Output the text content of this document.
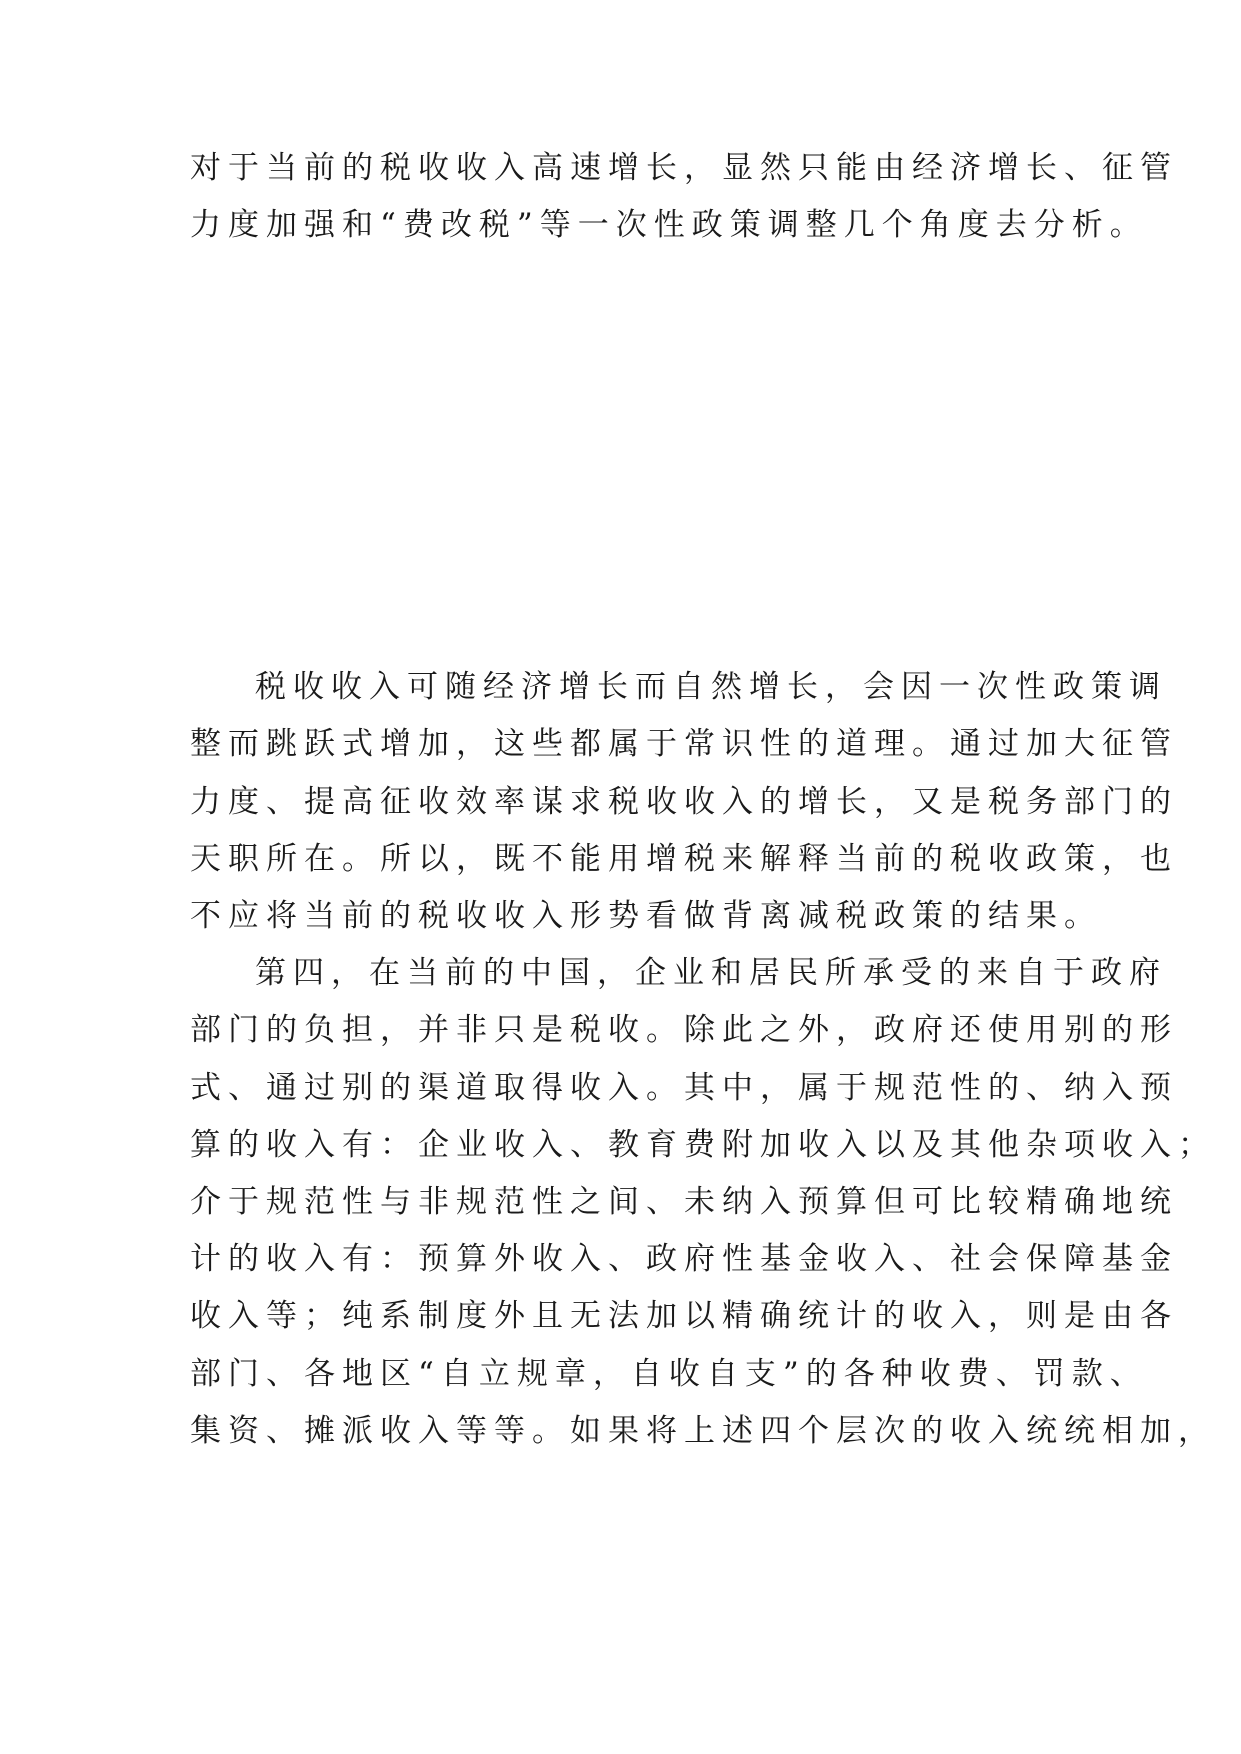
对于当前的税收收入高速增长，显然只能由经济增长、征管

力度加强和“费改税”等一次性政策调整几个角度去分析。

税收收入可随经济增长而自然增长，会因一次性政策调

整而跳跃式增加，这些都属于常识性的道理。通过加大征管

力度、提高征收效率谋求税收收入的增长，又是税务部门的

天职所在。所以，既不能用增税来解释当前的税收政策，也

不应将当前的税收收入形势看做背离减税政策的结果。

第四，在当前的中国，企业和居民所承受的来自于政府

部门的负担，并非只是税收。除此之外，政府还使用别的形

式、通过别的渠道取得收入。其中，属于规范性的、纳入预

算的收入有：企业收入、教育费附加收入以及其他杂项收入；

介于规范性与非规范性之间、未纳入预算但可比较精确地统

计的收入有：预算外收入、政府性基金收入、社会保障基金

收入等；纯系制度外且无法加以精确统计的收入，则是由各

部门、各地区“自立规章，自收自支”的各种收费、罚款、

集资、摊派收入等等。如果将上述四个层次的收入统统相加，
